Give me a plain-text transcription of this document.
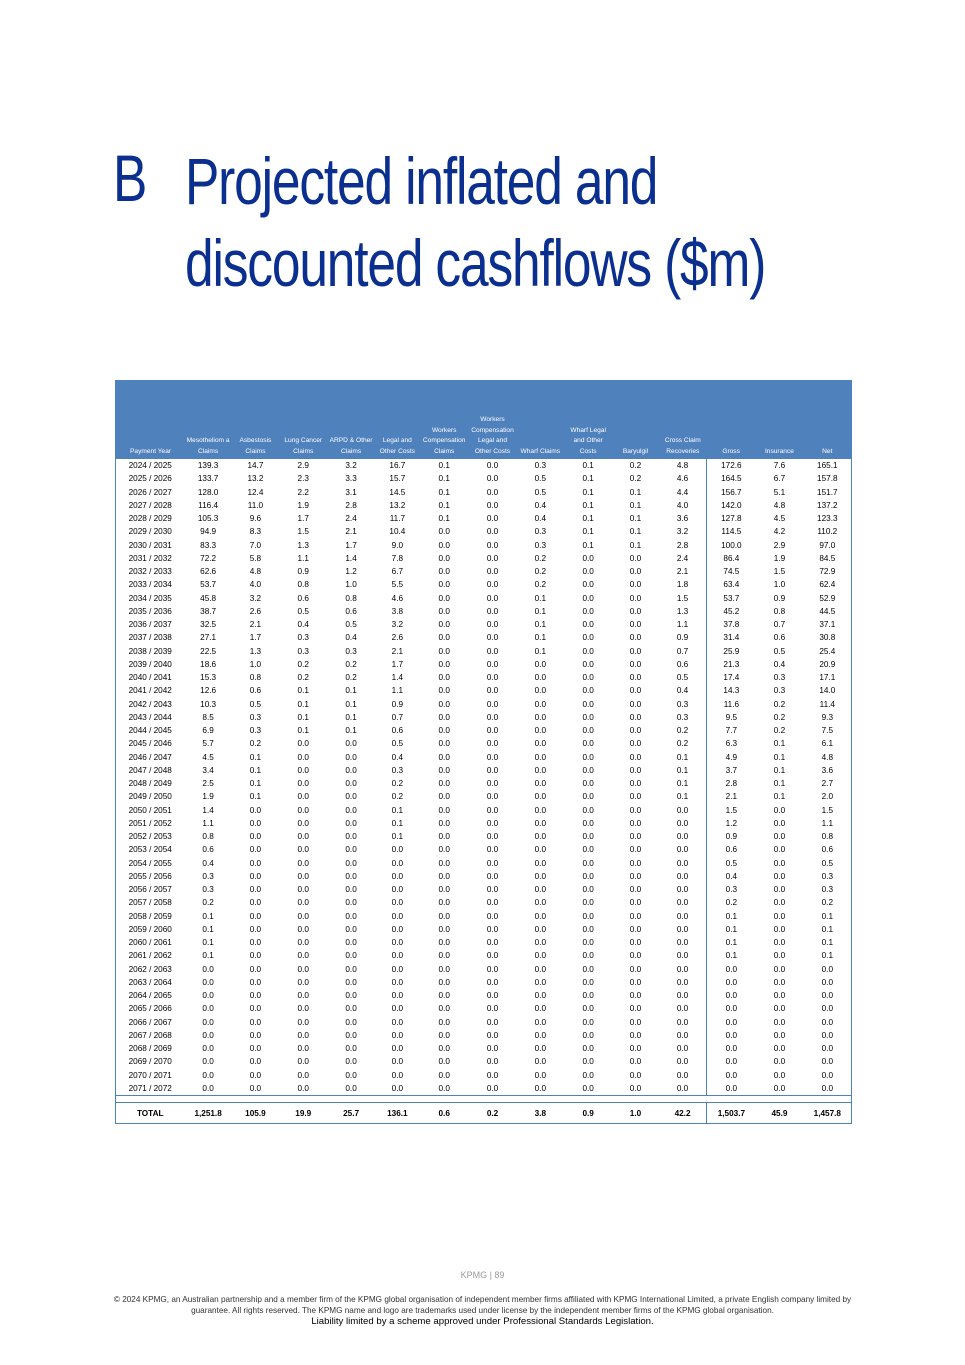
B Projected inflated and
discounted cashflows ($m)
Payment Year	Mesotheliom a Claims	Asbestosis Claims	Lung Cancer Claims	ARPD & Other Claims	Legal and Other Costs	Workers Compensation Claims	Workers Compensation Legal and Other Costs	Wharf Claims	Wharf Legal and Other Costs	Baryulgil	Cross Claim Recoveries	Gross	Insurance	Net
2024 / 2025	139.3	14.7	2.9	3.2	16.7	0.1	0.0	0.3	0.1	0.2	4.8	172.6	7.6	165.1
2025 / 2026	133.7	13.2	2.3	3.3	15.7	0.1	0.0	0.5	0.1	0.2	4.6	164.5	6.7	157.8
2026 / 2027	128.0	12.4	2.2	3.1	14.5	0.1	0.0	0.5	0.1	0.1	4.4	156.7	5.1	151.7
2027 / 2028	116.4	11.0	1.9	2.8	13.2	0.1	0.0	0.4	0.1	0.1	4.0	142.0	4.8	137.2
2028 / 2029	105.3	9.6	1.7	2.4	11.7	0.1	0.0	0.4	0.1	0.1	3.6	127.8	4.5	123.3
2029 / 2030	94.9	8.3	1.5	2.1	10.4	0.0	0.0	0.3	0.1	0.1	3.2	114.5	4.2	110.2
2030 / 2031	83.3	7.0	1.3	1.7	9.0	0.0	0.0	0.3	0.1	0.1	2.8	100.0	2.9	97.0
2031 / 2032	72.2	5.8	1.1	1.4	7.8	0.0	0.0	0.2	0.0	0.0	2.4	86.4	1.9	84.5
2032 / 2033	62.6	4.8	0.9	1.2	6.7	0.0	0.0	0.2	0.0	0.0	2.1	74.5	1.5	72.9
2033 / 2034	53.7	4.0	0.8	1.0	5.5	0.0	0.0	0.2	0.0	0.0	1.8	63.4	1.0	62.4
2034 / 2035	45.8	3.2	0.6	0.8	4.6	0.0	0.0	0.1	0.0	0.0	1.5	53.7	0.9	52.9
2035 / 2036	38.7	2.6	0.5	0.6	3.8	0.0	0.0	0.1	0.0	0.0	1.3	45.2	0.8	44.5
2036 / 2037	32.5	2.1	0.4	0.5	3.2	0.0	0.0	0.1	0.0	0.0	1.1	37.8	0.7	37.1
2037 / 2038	27.1	1.7	0.3	0.4	2.6	0.0	0.0	0.1	0.0	0.0	0.9	31.4	0.6	30.8
2038 / 2039	22.5	1.3	0.3	0.3	2.1	0.0	0.0	0.1	0.0	0.0	0.7	25.9	0.5	25.4
2039 / 2040	18.6	1.0	0.2	0.2	1.7	0.0	0.0	0.0	0.0	0.0	0.6	21.3	0.4	20.9
2040 / 2041	15.3	0.8	0.2	0.2	1.4	0.0	0.0	0.0	0.0	0.0	0.5	17.4	0.3	17.1
2041 / 2042	12.6	0.6	0.1	0.1	1.1	0.0	0.0	0.0	0.0	0.0	0.4	14.3	0.3	14.0
2042 / 2043	10.3	0.5	0.1	0.1	0.9	0.0	0.0	0.0	0.0	0.0	0.3	11.6	0.2	11.4
2043 / 2044	8.5	0.3	0.1	0.1	0.7	0.0	0.0	0.0	0.0	0.0	0.3	9.5	0.2	9.3
2044 / 2045	6.9	0.3	0.1	0.1	0.6	0.0	0.0	0.0	0.0	0.0	0.2	7.7	0.2	7.5
2045 / 2046	5.7	0.2	0.0	0.0	0.5	0.0	0.0	0.0	0.0	0.0	0.2	6.3	0.1	6.1
2046 / 2047	4.5	0.1	0.0	0.0	0.4	0.0	0.0	0.0	0.0	0.0	0.1	4.9	0.1	4.8
2047 / 2048	3.4	0.1	0.0	0.0	0.3	0.0	0.0	0.0	0.0	0.0	0.1	3.7	0.1	3.6
2048 / 2049	2.5	0.1	0.0	0.0	0.2	0.0	0.0	0.0	0.0	0.0	0.1	2.8	0.1	2.7
2049 / 2050	1.9	0.1	0.0	0.0	0.2	0.0	0.0	0.0	0.0	0.0	0.1	2.1	0.1	2.0
2050 / 2051	1.4	0.0	0.0	0.0	0.1	0.0	0.0	0.0	0.0	0.0	0.0	1.5	0.0	1.5
2051 / 2052	1.1	0.0	0.0	0.0	0.1	0.0	0.0	0.0	0.0	0.0	0.0	1.2	0.0	1.1
2052 / 2053	0.8	0.0	0.0	0.0	0.1	0.0	0.0	0.0	0.0	0.0	0.0	0.9	0.0	0.8
2053 / 2054	0.6	0.0	0.0	0.0	0.0	0.0	0.0	0.0	0.0	0.0	0.0	0.6	0.0	0.6
2054 / 2055	0.4	0.0	0.0	0.0	0.0	0.0	0.0	0.0	0.0	0.0	0.0	0.5	0.0	0.5
2055 / 2056	0.3	0.0	0.0	0.0	0.0	0.0	0.0	0.0	0.0	0.0	0.0	0.4	0.0	0.3
2056 / 2057	0.3	0.0	0.0	0.0	0.0	0.0	0.0	0.0	0.0	0.0	0.0	0.3	0.0	0.3
2057 / 2058	0.2	0.0	0.0	0.0	0.0	0.0	0.0	0.0	0.0	0.0	0.0	0.2	0.0	0.2
2058 / 2059	0.1	0.0	0.0	0.0	0.0	0.0	0.0	0.0	0.0	0.0	0.0	0.1	0.0	0.1
2059 / 2060	0.1	0.0	0.0	0.0	0.0	0.0	0.0	0.0	0.0	0.0	0.0	0.1	0.0	0.1
2060 / 2061	0.1	0.0	0.0	0.0	0.0	0.0	0.0	0.0	0.0	0.0	0.0	0.1	0.0	0.1
2061 / 2062	0.1	0.0	0.0	0.0	0.0	0.0	0.0	0.0	0.0	0.0	0.0	0.1	0.0	0.1
2062 / 2063	0.0	0.0	0.0	0.0	0.0	0.0	0.0	0.0	0.0	0.0	0.0	0.0	0.0	0.0
2063 / 2064	0.0	0.0	0.0	0.0	0.0	0.0	0.0	0.0	0.0	0.0	0.0	0.0	0.0	0.0
2064 / 2065	0.0	0.0	0.0	0.0	0.0	0.0	0.0	0.0	0.0	0.0	0.0	0.0	0.0	0.0
2065 / 2066	0.0	0.0	0.0	0.0	0.0	0.0	0.0	0.0	0.0	0.0	0.0	0.0	0.0	0.0
2066 / 2067	0.0	0.0	0.0	0.0	0.0	0.0	0.0	0.0	0.0	0.0	0.0	0.0	0.0	0.0
2067 / 2068	0.0	0.0	0.0	0.0	0.0	0.0	0.0	0.0	0.0	0.0	0.0	0.0	0.0	0.0
2068 / 2069	0.0	0.0	0.0	0.0	0.0	0.0	0.0	0.0	0.0	0.0	0.0	0.0	0.0	0.0
2069 / 2070	0.0	0.0	0.0	0.0	0.0	0.0	0.0	0.0	0.0	0.0	0.0	0.0	0.0	0.0
2070 / 2071	0.0	0.0	0.0	0.0	0.0	0.0	0.0	0.0	0.0	0.0	0.0	0.0	0.0	0.0
2071 / 2072	0.0	0.0	0.0	0.0	0.0	0.0	0.0	0.0	0.0	0.0	0.0	0.0	0.0	0.0

TOTAL	1,251.8	105.9	19.9	25.7	136.1	0.6	0.2	3.8	0.9	1.0	42.2	1,503.7	45.9	1,457.8
KPMG | 89
© 2024 KPMG, an Australian partnership and a member firm of the KPMG global organisation of independent member firms affiliated with KPMG International Limited, a private English company limited by guarantee. All rights reserved. The KPMG name and logo are trademarks used under license by the independent member firms of the KPMG global organisation.
Liability limited by a scheme approved under Professional Standards Legislation.
